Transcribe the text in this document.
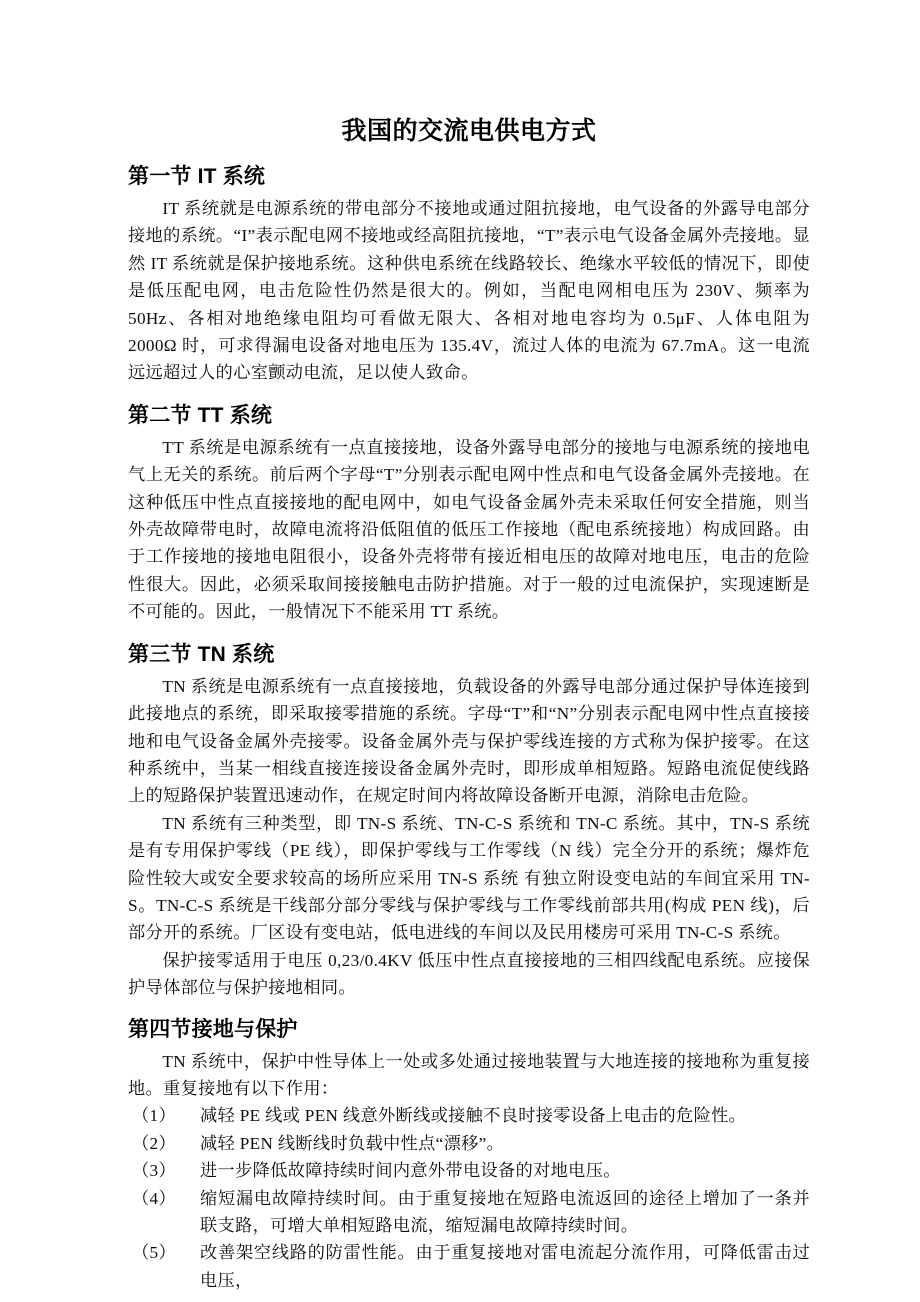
我国的交流电供电方式
第一节 IT 系统

IT 系统就是电源系统的带电部分不接地或通过阻抗接地，电气设备的外露导电部分接地的系统。“I”表示配电网不接地或经高阻抗接地，“T”表示电气设备金属外壳接地。显然 IT 系统就是保护接地系统。这种供电系统在线路较长、绝缘水平较低的情况下，即使是低压配电网，电击危险性仍然是很大的。例如，当配电网相电压为 230V、频率为 50Hz、各相对地绝缘电阻均可看做无限大、各相对地电容均为 0.5μF、人体电阻为 2000Ω 时，可求得漏电设备对地电压为 135.4V，流过人体的电流为 67.7mA。这一电流远远超过人的心室颤动电流，足以使人致命。

第二节 TT 系统

TT 系统是电源系统有一点直接接地，设备外露导电部分的接地与电源系统的接地电气上无关的系统。前后两个字母“T”分别表示配电网中性点和电气设备金属外壳接地。在这种低压中性点直接接地的配电网中，如电气设备金属外壳未采取任何安全措施，则当外壳故障带电时，故障电流将沿低阻值的低压工作接地（配电系统接地）构成回路。由于工作接地的接地电阻很小，设备外壳将带有接近相电压的故障对地电压，电击的危险性很大。因此，必须采取间接接触电击防护措施。对于一般的过电流保护，实现速断是不可能的。因此，一般情况下不能采用 TT 系统。

第三节 TN 系统

TN 系统是电源系统有一点直接接地，负载设备的外露导电部分通过保护导体连接到此接地点的系统，即采取接零措施的系统。字母“T”和“N”分别表示配电网中性点直接接地和电气设备金属外壳接零。设备金属外壳与保护零线连接的方式称为保护接零。在这种系统中，当某一相线直接连接设备金属外壳时，即形成单相短路。短路电流促使线路上的短路保护装置迅速动作，在规定时间内将故障设备断开电源，消除电击危险。

TN 系统有三种类型，即 TN-S 系统、TN-C-S 系统和 TN-C 系统。其中，TN-S 系统是有专用保护零线（PE 线），即保护零线与工作零线（N 线）完全分开的系统；爆炸危险性较大或安全要求较高的场所应采用 TN-S 系统 有独立附设变电站的车间宜采用 TN-S。TN-C-S 系统是干线部分部分零线与保护零线与工作零线前部共用(构成 PEN 线)，后部分开的系统。厂区设有变电站，低电进线的车间以及民用楼房可采用 TN-C-S 系统。

保护接零适用于电压 0,23/0.4KV 低压中性点直接接地的三相四线配电系统。应接保护导体部位与保护接地相同。

第四节接地与保护

TN 系统中，保护中性导体上一处或多处通过接地装置与大地连接的接地称为重复接地。重复接地有以下作用：

（1）	减轻 PE 线或 PEN 线意外断线或接触不良时接零设备上电击的危险性。
（2）	减轻 PEN 线断线时负载中性点“漂移”。
（3）	进一步降低故障持续时间内意外带电设备的对地电压。
（4）	缩短漏电故障持续时间。由于重复接地在短路电流返回的途径上增加了一条并联支路，可增大单相短路电流，缩短漏电故障持续时间。
（5）	改善架空线路的防雷性能。由于重复接地对雷电流起分流作用，可降低雷击过电压，
